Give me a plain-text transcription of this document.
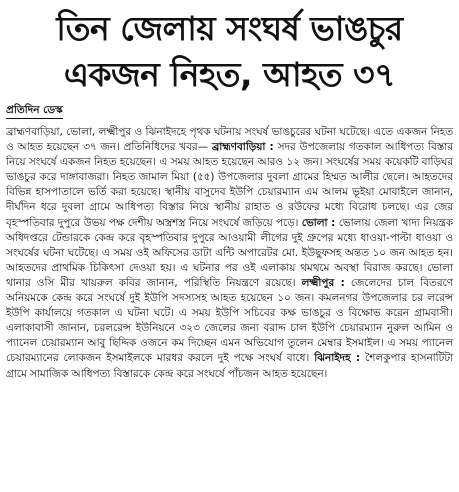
তিন জেলায় সংঘর্ষ ভাঙচুর
একজন নিহত, আহত ৩৭
প্রতিদিন ডেস্ক

ব্রাহ্মণবাড়িয়া, ভোলা, লক্ষ্মীপুর ও ঝিনাইদহে পৃথক ঘটনায় সংঘর্ষ ভাঙচুরের ঘটনা ঘটেছে। এতে একজন নিহত ও আহত হয়েছেন ৩৭ জন। প্রতিনিধিদের খবর— ব্রাহ্মণবাড়িয়া : সদর উপজেলায় গতকাল আধিপত্য বিস্তার নিয়ে সংঘর্ষে একজন নিহত হয়েছেন। এ সময় আহত হয়েছেন আরও ১২ জন। সংঘর্ষের সময় কয়েকটি বাড়িঘর ভাঙচুর করে দাঙ্গাবাজরা। নিহত জামাল মিয়া (৫৫) উপজেলার দুবলা গ্রামের হিম্মত আলীর ছেলে। আহতদের বিভিন্ন হাসপাতালে ভর্তি করা হয়েছে। স্থানীয় বাসুদেব ইউপি চেয়ারম্যান এম আলম ভূইয়া মোবাইলে জানান, দীর্ঘদিন ধরে দুবলা গ্রামে আধিপত্য বিস্তার নিয়ে স্থানীয় রাহাত ও রউফের মধ্যে বিরোধ চলছে। এর জের বৃহস্পতিবার দুপুরে উভয় পক্ষ দেশীয় অস্ত্রশস্ত্র নিয়ে সংঘর্ষে জড়িয়ে পড়ে। ভোলা : ভোলায় জেলা খাদ্য নিয়ন্ত্রক অধিদপ্তরে টেন্ডারকে কেন্দ্র করে বৃহস্পতিবার দুপুরে আওয়ামী লীগের দুই গ্রুপের মধ্যে ধাওয়া-পাল্টা ধাওয়া ও সংঘর্ষের ঘটনা ঘটেছে। এ সময় ওই অফিসের ডাটা এন্টি অপারেটর মো. ইউছুফসহ অন্তত ১০ জন আহত হন। আহতদের প্রাথমিক চিকিৎসা দেওয়া হয়। এ ঘটনার পর ওই এলাকায় থমথমে অবস্থা বিরাজ করছে। ভোলা থানার ওসি মীর খায়রুল কবির জানান, পরিস্থিতি নিয়ন্ত্রণে রয়েছে। লক্ষ্মীপুর : জেলেদের চাল বিতরণে অনিয়মকে কেন্দ্র করে সংঘর্ষে দুই ইউপি সদস্যসহ আহত হয়েছেন ১০ জন। কমলনগর উপজেলার চর লরেন্স ইউপি কার্যালয়ে গতকাল এ ঘটনা ঘটে। এ সময় ইউপি সচিবের কক্ষ ভাঙচুর ও বিক্ষোভ করেন গ্রামবাসী। এলাকাবাসী জানান, চরলরেন্স ইউনিয়নে ৩২৩ জেলের জন্য বরাদ্দ চাল ইউপি চেয়ারম্যান নুরুল আমিন ও প্যানেল চেয়ারম্যান আবু ছিদ্দিক ওজনে কম দিচ্ছেন এমন অভিযোগ তুলেন মেম্বার ইসমাইল। এ সময় প্যানেল চেয়ারম্যানের লোকজন ইসমাইলকে মারধর করলে দুই পক্ষে সংঘর্ষ বাধে। ঝিনাইদহ : শৈলকুপার হাসনাটিটা গ্রামে সামাজিক আধিপত্য বিস্তারকে কেন্দ্র করে সংঘর্ষে পাঁচজন আহত হয়েছেন।
